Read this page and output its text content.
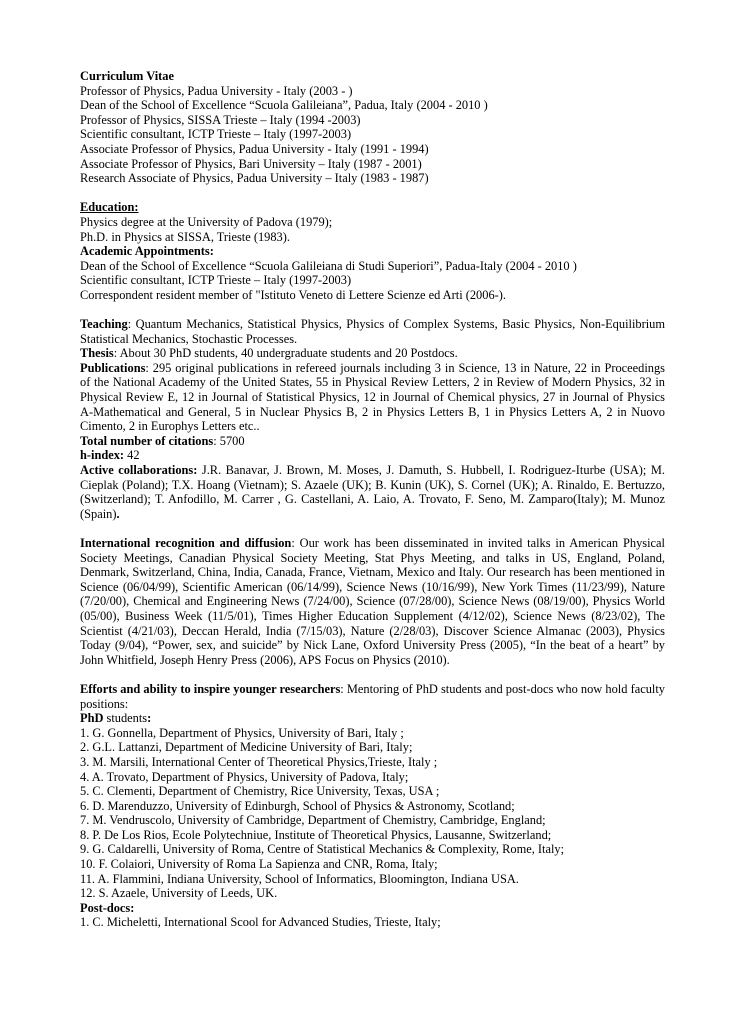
Curriculum Vitae
Professor of Physics, Padua University - Italy (2003 - )
Dean of the School of Excellence “Scuola Galileiana”, Padua, Italy (2004 - 2010 )
Professor of Physics, SISSA Trieste – Italy (1994 -2003)
Scientific consultant, ICTP Trieste – Italy (1997-2003)
Associate Professor of Physics, Padua University - Italy (1991 - 1994)
Associate Professor of Physics, Bari University – Italy (1987 - 2001)
Research Associate of Physics, Padua University – Italy (1983 - 1987)
Education:
Physics degree at the University of Padova (1979);
Ph.D. in Physics at SISSA, Trieste (1983).
Academic Appointments:
Dean of the School of Excellence “Scuola Galileiana di Studi Superiori”, Padua-Italy (2004 - 2010 )
Scientific consultant, ICTP Trieste – Italy (1997-2003)
Correspondent resident member of "Istituto Veneto di Lettere Scienze ed Arti (2006-).
Teaching: Quantum Mechanics, Statistical Physics, Physics of Complex Systems, Basic Physics, Non-Equilibrium Statistical Mechanics, Stochastic Processes.
Thesis: About 30 PhD students, 40 undergraduate students and 20 Postdocs.
Publications: 295 original publications in refereed journals including 3 in Science, 13 in Nature, 22 in Proceedings of the National Academy of the United States, 55 in Physical Review Letters, 2 in Review of Modern Physics, 32 in Physical Review E, 12 in Journal of Statistical Physics, 12 in Journal of Chemical physics, 27 in Journal of Physics A-Mathematical and General, 5 in Nuclear Physics B, 2 in Physics Letters B, 1 in Physics Letters A, 2 in Nuovo Cimento, 2 in Europhys Letters etc..
Total number of citations: 5700
h-index: 42
Active collaborations: J.R. Banavar, J. Brown, M. Moses, J. Damuth, S. Hubbell, I. Rodriguez-Iturbe (USA); M. Cieplak (Poland); T.X. Hoang (Vietnam); S. Azaele (UK); B. Kunin (UK), S. Cornel (UK); A. Rinaldo, E. Bertuzzo, (Switzerland); T. Anfodillo, M. Carrer , G. Castellani, A. Laio, A. Trovato, F. Seno, M. Zamparo(Italy); M. Munoz (Spain).
International recognition and diffusion: Our work has been disseminated in invited talks in American Physical Society Meetings, Canadian Physical Society Meeting, Stat Phys Meeting, and talks in US, England, Poland, Denmark, Switzerland, China, India, Canada, France, Vietnam, Mexico and Italy. Our research has been mentioned in Science (06/04/99), Scientific American (06/14/99), Science News (10/16/99), New York Times (11/23/99), Nature (7/20/00), Chemical and Engineering News (7/24/00), Science (07/28/00), Science News (08/19/00), Physics World (05/00), Business Week (11/5/01), Times Higher Education Supplement (4/12/02), Science News (8/23/02), The Scientist (4/21/03), Deccan Herald, India (7/15/03), Nature (2/28/03), Discover Science Almanac (2003), Physics Today (9/04), “Power, sex, and suicide” by Nick Lane, Oxford University Press (2005), “In the beat of a heart” by John Whitfield, Joseph Henry Press (2006), APS Focus on Physics (2010).
Efforts and ability to inspire younger researchers: Mentoring of PhD students and post-docs who now hold faculty positions:
PhD students:
1. G. Gonnella, Department of Physics, University of Bari, Italy ;
2. G.L. Lattanzi, Department of Medicine University of Bari, Italy;
3. M. Marsili, International Center of Theoretical Physics,Trieste, Italy ;
4. A. Trovato, Department of Physics, University of Padova, Italy;
5. C. Clementi, Department of Chemistry, Rice University, Texas, USA ;
6. D. Marenduzzo, University of Edinburgh, School of Physics & Astronomy, Scotland;
7. M. Vendruscolo, University of Cambridge, Department of Chemistry, Cambridge, England;
8. P. De Los Rios, Ecole Polytechniue, Institute of Theoretical Physics, Lausanne, Switzerland;
9. G. Caldarelli, University of Roma, Centre of Statistical Mechanics & Complexity, Rome, Italy;
10. F. Colaiori, University of Roma La Sapienza and CNR, Roma, Italy;
11. A. Flammini, Indiana University, School of Informatics, Bloomington, Indiana USA.
12. S. Azaele, University of Leeds, UK.
Post-docs:
1. C. Micheletti, International Scool for Advanced Studies, Trieste, Italy;
